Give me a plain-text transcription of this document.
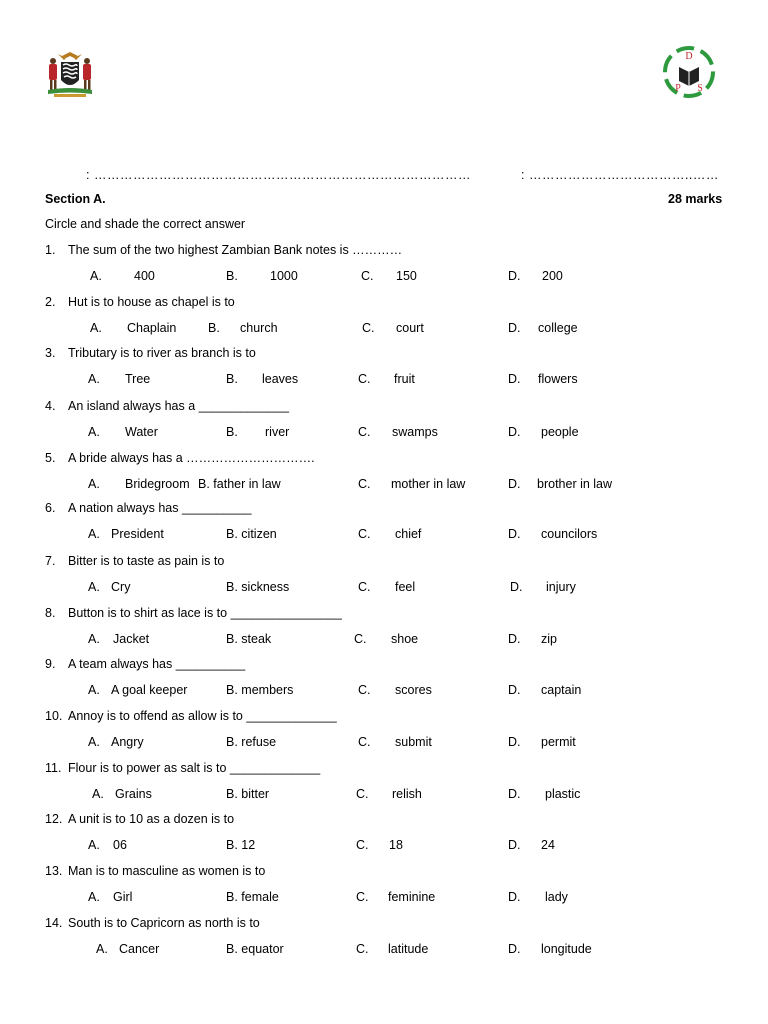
D
P S
: ……………………………………………………………………………	: ………………………………..……
Section A.	28 marks
Circle and shade the correct answer
1. The sum of the two highest Zambian Bank notes is …………
A.	400	B.	1000	C. 150	D. 200
2. Hut is to house as chapel is to
A. Chaplain	B. church	C. court	D. college
3. Tributary is to river as branch is to
A. Tree	B. leaves	C. fruit	D. flowers
4. An island always has a _____________
A. Water	B. river	C. swamps	D. people
5. A bride always has a ………………………….
A. Bridegroom B. father in law	C. mother in law	D. brother in law
6. A nation always has __________
A. President	B. citizen	C. chief	D. councilors
7. Bitter is to taste as pain is to
A. Cry	B. sickness	C. feel	D. injury
8. Button is to shirt as lace is to ________________
A. Jacket	B. steak	C. shoe	D. zip
9. A team always has __________
A. A goal keeper	B. members	C. scores	D. captain
10. Annoy is to offend as allow is to _____________
A. Angry	B. refuse	C. submit	D. permit
11. Flour is to power as salt is to _____________
A. Grains	B. bitter	C. relish	D. plastic
12. A unit is to 10 as a dozen is to
A. 06	B. 12	C. 18	D. 24
13. Man is to masculine as women is to
A. Girl	B. female	C. feminine	D. lady
14. South is to Capricorn as north is to
A. Cancer	B. equator	C. latitude	D. longitude
